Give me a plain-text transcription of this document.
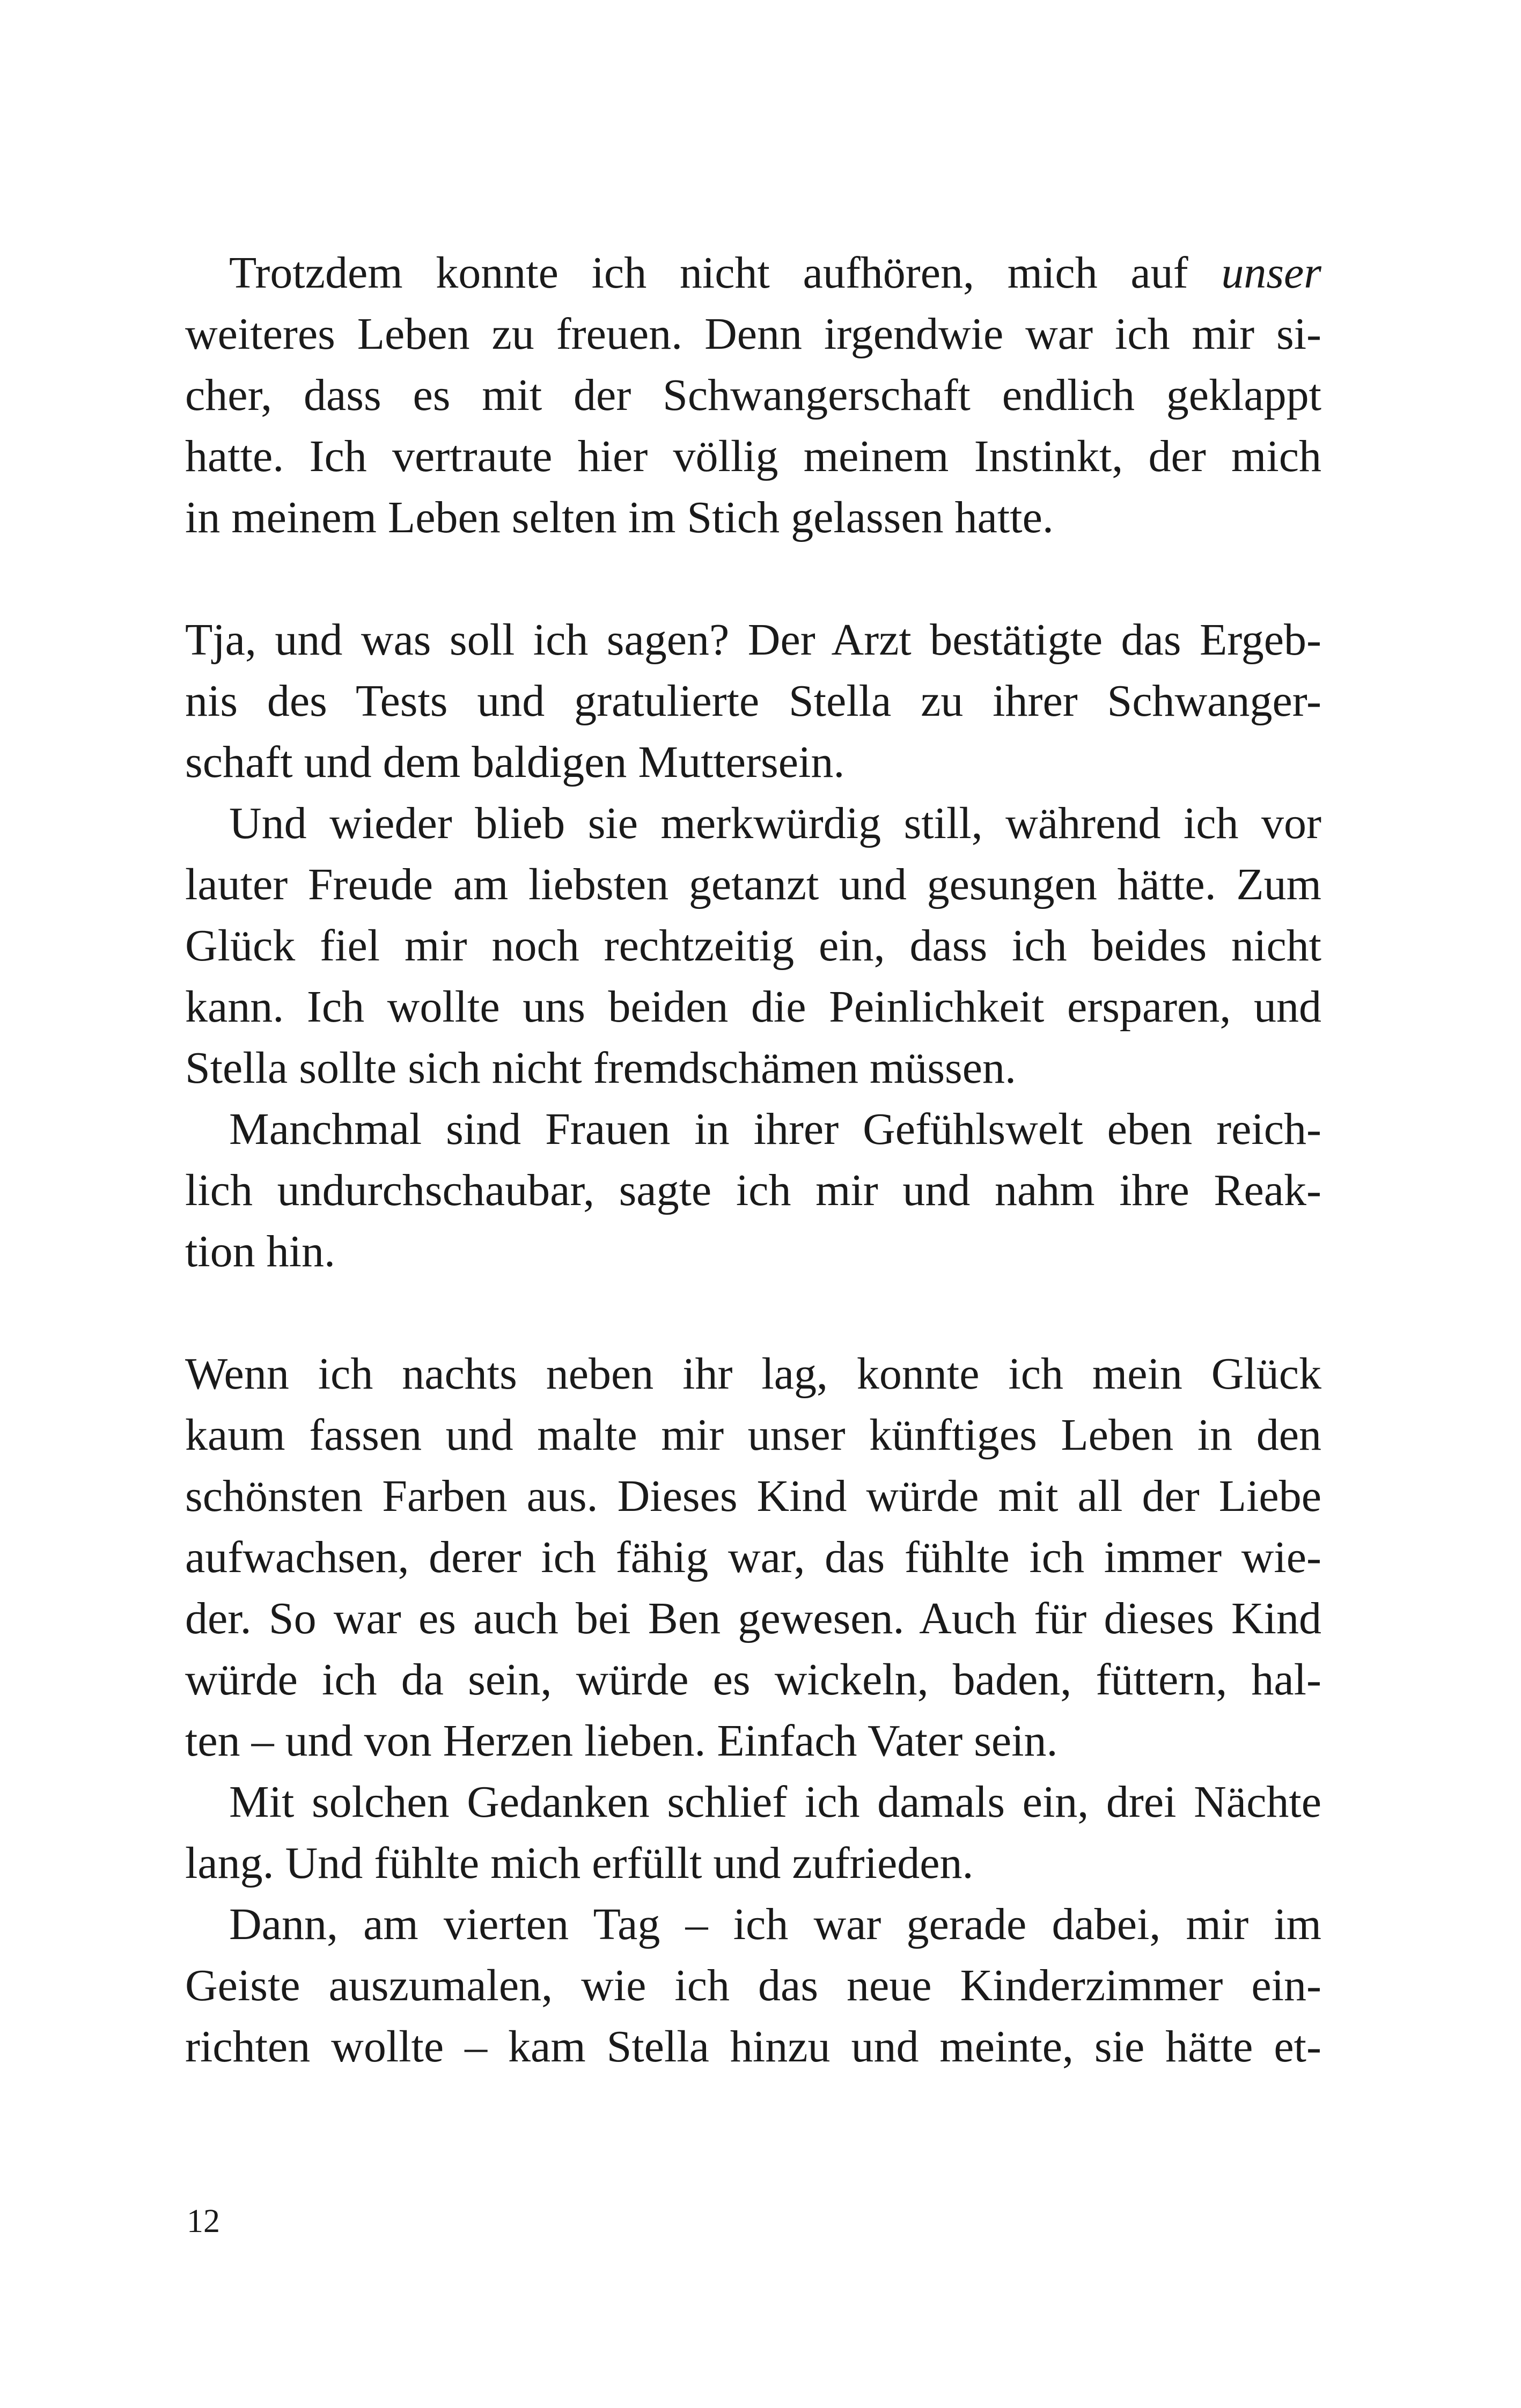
Trotzdem konnte ich nicht aufhören, mich auf unser
weiteres Leben zu freuen. Denn irgendwie war ich mir si-
cher, dass es mit der Schwangerschaft endlich geklappt
hatte. Ich vertraute hier völlig meinem Instinkt, der mich
in meinem Leben selten im Stich gelassen hatte.
Tja, und was soll ich sagen? Der Arzt bestätigte das Ergeb-
nis des Tests und gratulierte Stella zu ihrer Schwanger-
schaft und dem baldigen Muttersein.
Und wieder blieb sie merkwürdig still, während ich vor
lauter Freude am liebsten getanzt und gesungen hätte. Zum
Glück fiel mir noch rechtzeitig ein, dass ich beides nicht
kann. Ich wollte uns beiden die Peinlichkeit ersparen, und
Stella sollte sich nicht fremdschämen müssen.
Manchmal sind Frauen in ihrer Gefühlswelt eben reich-
lich undurchschaubar, sagte ich mir und nahm ihre Reak-
tion hin.
Wenn ich nachts neben ihr lag, konnte ich mein Glück
kaum fassen und malte mir unser künftiges Leben in den
schönsten Farben aus. Dieses Kind würde mit all der Liebe
aufwachsen, derer ich fähig war, das fühlte ich immer wie-
der. So war es auch bei Ben gewesen. Auch für dieses Kind
würde ich da sein, würde es wickeln, baden, füttern, hal-
ten – und von Herzen lieben. Einfach Vater sein.
Mit solchen Gedanken schlief ich damals ein, drei Nächte
lang. Und fühlte mich erfüllt und zufrieden.
Dann, am vierten Tag – ich war gerade dabei, mir im
Geiste auszumalen, wie ich das neue Kinderzimmer ein-
richten wollte – kam Stella hinzu und meinte, sie hätte et-
12
